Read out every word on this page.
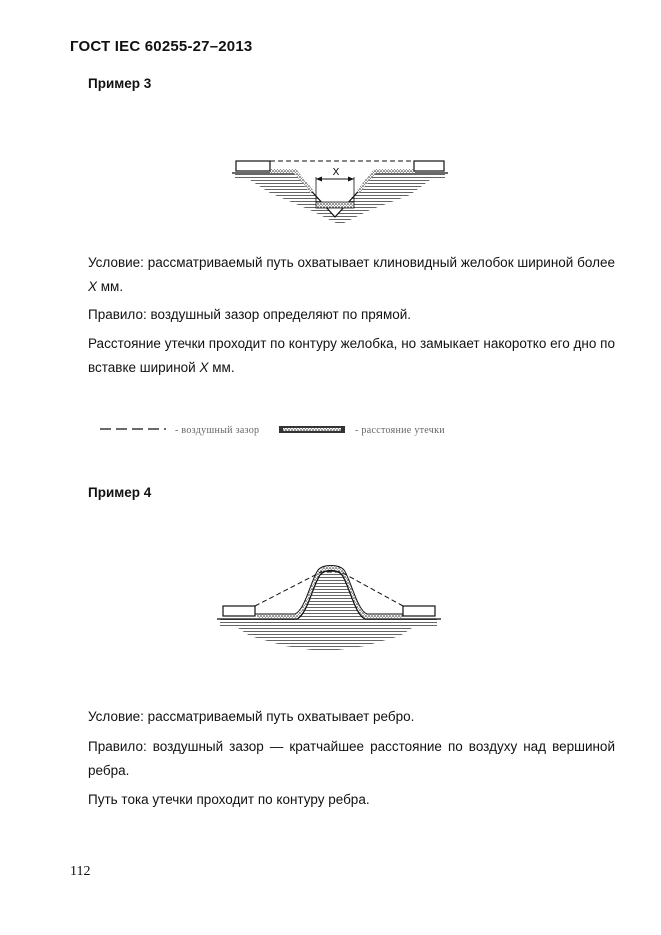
ГОСТ IEC 60255-27–2013
Пример 3
X
Условие: рассматриваемый путь охватывает клиновидный желобок шириной более X мм.
Правило: воздушный зазор определяют по прямой.
Расстояние утечки проходит по контуру желобка, но замыкает накоротко его дно по вставке шириной X мм.
- воздушный зазор	- расстояние утечки
Пример 4
Условие: рассматриваемый путь охватывает ребро.
Правило: воздушный зазор — кратчайшее расстояние по воздуху над вершиной ребра.
Путь тока утечки проходит по контуру ребра.
112
